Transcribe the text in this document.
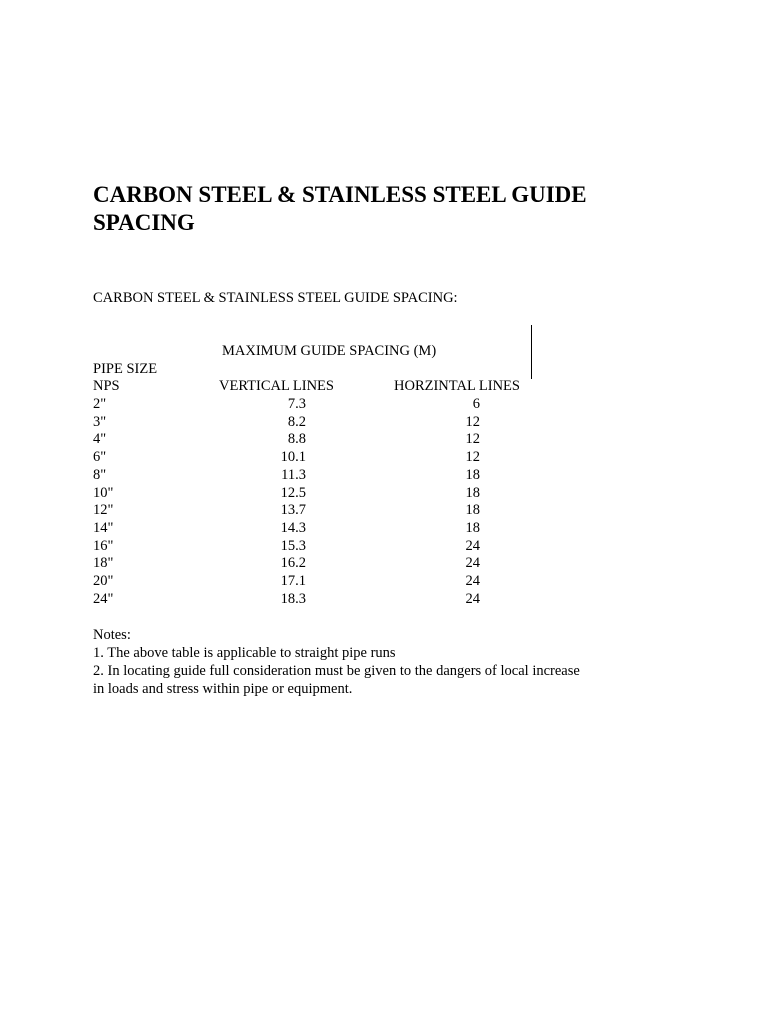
CARBON STEEL & STAINLESS STEEL GUIDE SPACING

CARBON STEEL & STAINLESS STEEL GUIDE SPACING:

MAXIMUM GUIDE SPACING (M)
PIPE SIZE
NPS	VERTICAL LINES	HORZINTAL LINES
2"	7.3	6
3"	8.2	12
4"	8.8	12
6"	10.1	12
8"	11.3	18
10"	12.5	18
12"	13.7	18
14"	14.3	18
16"	15.3	24
18"	16.2	24
20"	17.1	24
24"	18.3	24

Notes:

1. The above table is applicable to straight pipe runs

2. In locating guide full consideration must be given to the dangers of local increase in loads and stress within pipe or equipment.
